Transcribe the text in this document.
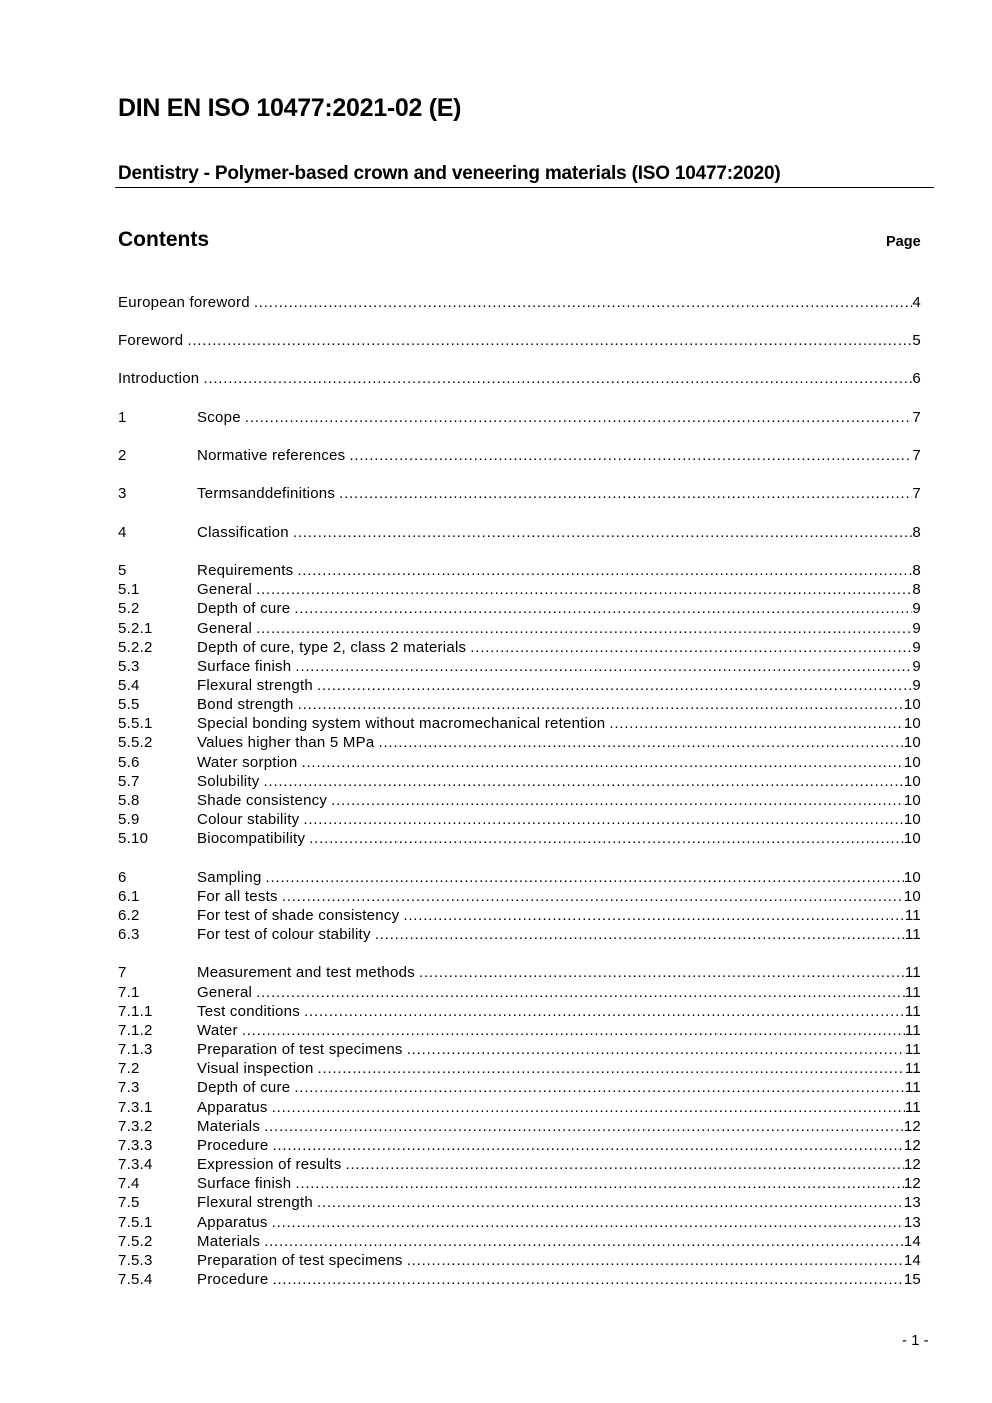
DIN EN ISO 10477:2021-02 (E)
Dentistry - Polymer-based crown and veneering materials (ISO 10477:2020)
Contents	Page
European foreword .....	4
Foreword .....	5
Introduction .....	6
1	Scope .....	7
2	Normative references .....	7
3	Termsanddefinitions .....	7
4	Classification .....	8
5	Requirements .....	8
5.1	General .....	8
5.2	Depth of cure .....	9
5.2.1	General .....	9
5.2.2	Depth of cure, type 2, class 2 materials .....	9
5.3	Surface finish .....	9
5.4	Flexural strength .....	9
5.5	Bond strength .....	10
5.5.1	Special bonding system without macromechanical retention .....	10
5.5.2	Values higher than 5 MPa .....	10
5.6	Water sorption .....	10
5.7	Solubility .....	10
5.8	Shade consistency .....	10
5.9	Colour stability .....	10
5.10	Biocompatibility .....	10
6	Sampling .....	10
6.1	For all tests .....	10
6.2	For test of shade consistency .....	11
6.3	For test of colour stability .....	11
7	Measurement and test methods .....	11
7.1	General .....	11
7.1.1	Test conditions .....	11
7.1.2	Water .....	11
7.1.3	Preparation of test specimens .....	11
7.2	Visual inspection .....	11
7.3	Depth of cure .....	11
7.3.1	Apparatus .....	11
7.3.2	Materials .....	12
7.3.3	Procedure .....	12
7.3.4	Expression of results .....	12
7.4	Surface finish .....	12
7.5	Flexural strength .....	13
7.5.1	Apparatus .....	13
7.5.2	Materials .....	14
7.5.3	Preparation of test specimens .....	14
7.5.4	Procedure .....	15
- 1 -
